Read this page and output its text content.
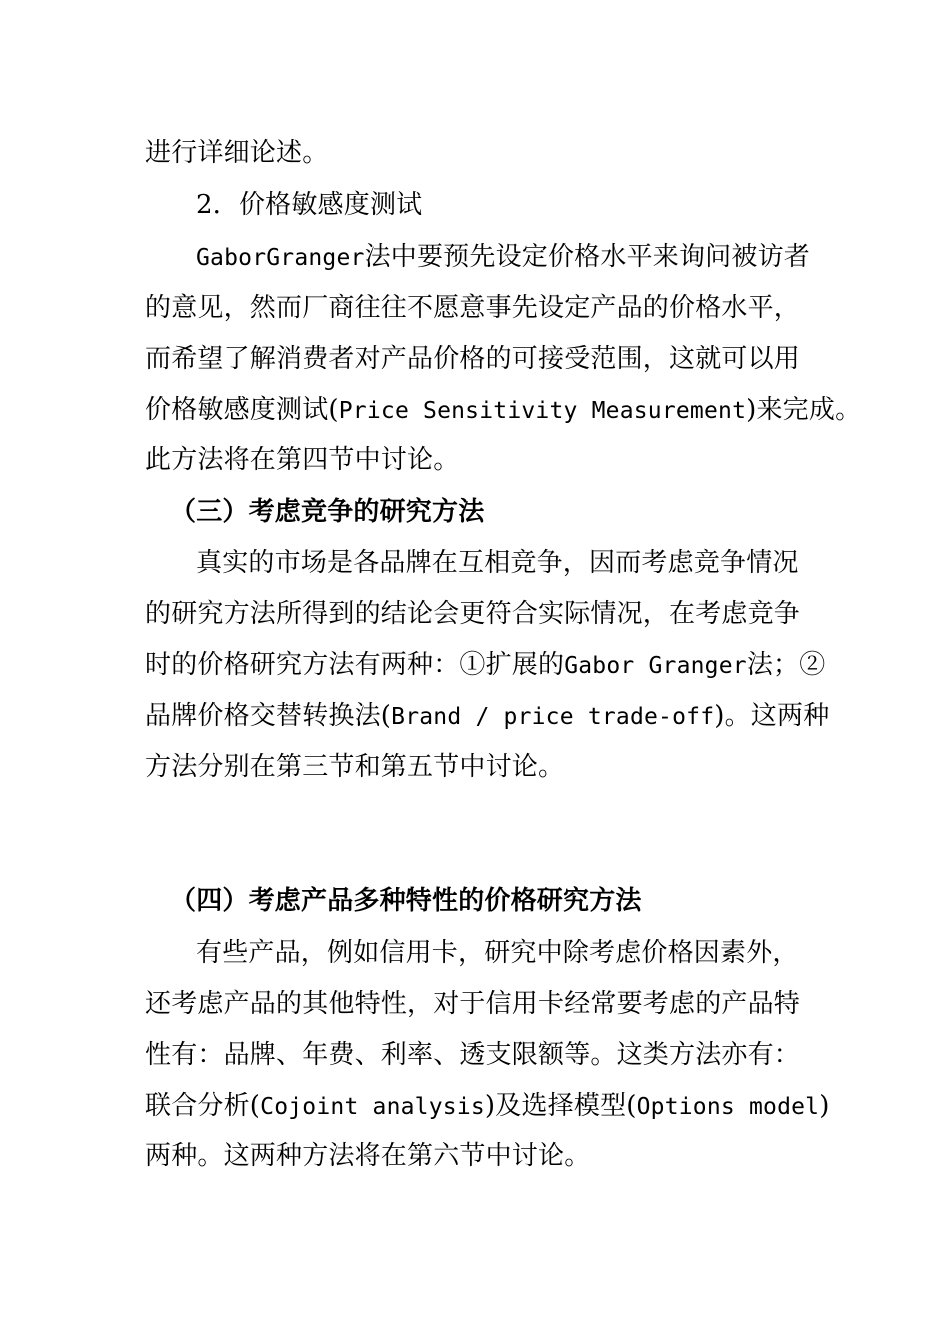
进行详细论述。
2．价格敏感度测试
GaborGranger法中要预先设定价格水平来询问被访者
的意见，然而厂商往往不愿意事先设定产品的价格水平，
而希望了解消费者对产品价格的可接受范围，这就可以用
价格敏感度测试(Price Sensitivity Measurement)来完成。
此方法将在第四节中讨论。
（三）考虑竞争的研究方法
真实的市场是各品牌在互相竞争，因而考虑竞争情况
的研究方法所得到的结论会更符合实际情况，在考虑竞争
时的价格研究方法有两种：①扩展的Gabor Granger法；②
品牌价格交替转换法(Brand / price trade-off)。这两种
方法分别在第三节和第五节中讨论。
（四）考虑产品多种特性的价格研究方法
有些产品，例如信用卡，研究中除考虑价格因素外，
还考虑产品的其他特性，对于信用卡经常要考虑的产品特
性有：品牌、年费、利率、透支限额等。这类方法亦有：
联合分析(Cojoint analysis)及选择模型(Options model)
两种。这两种方法将在第六节中讨论。
